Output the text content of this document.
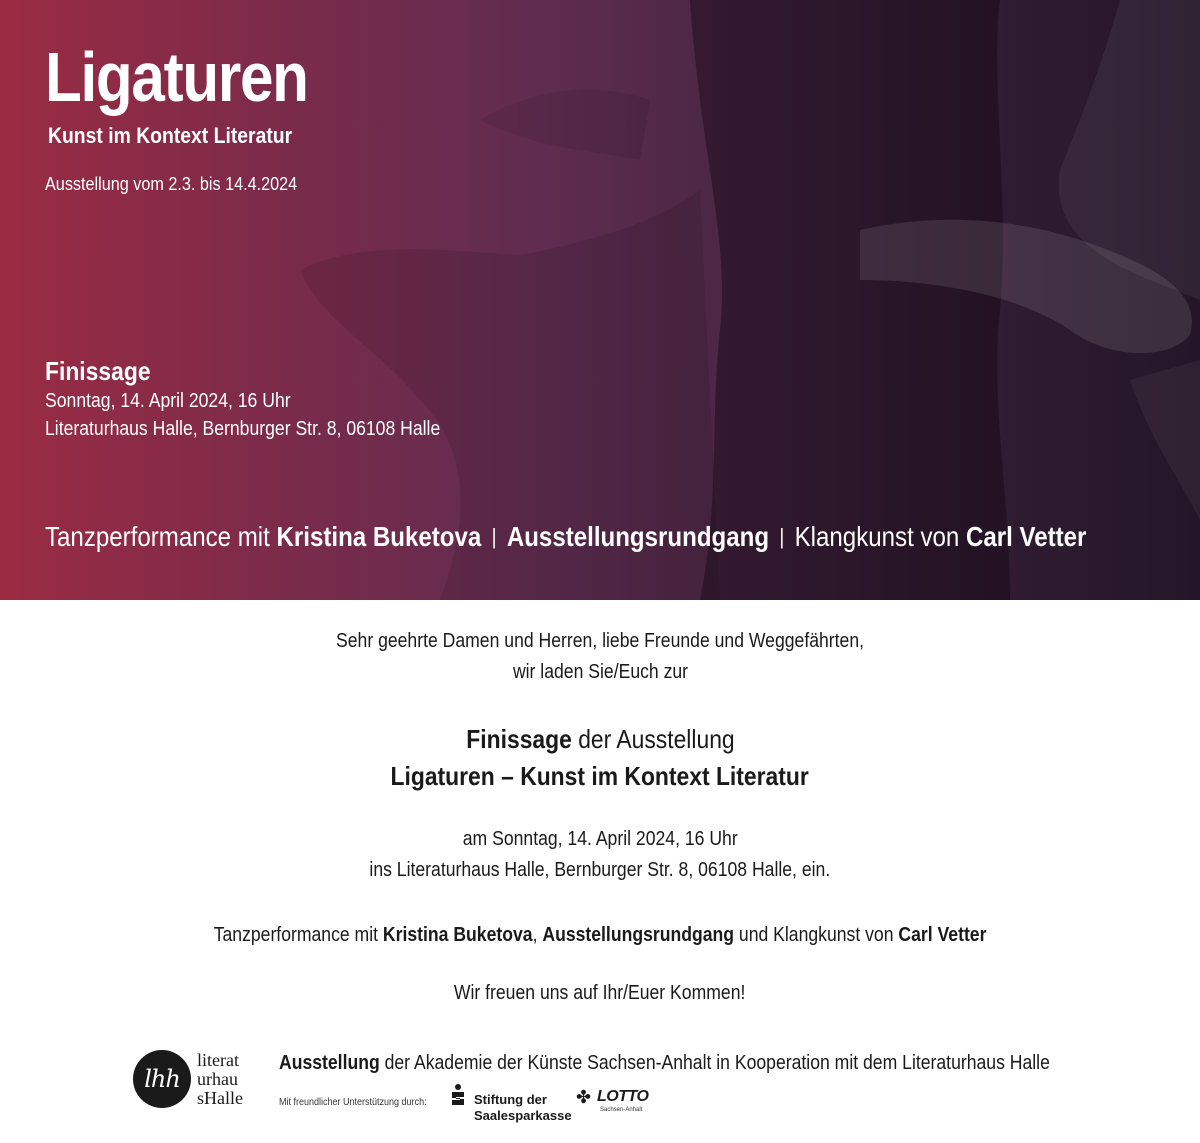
Ligaturen
Kunst im Kontext Literatur
Ausstellung vom 2.3. bis 14.4.2024
Finissage
Sonntag, 14. April 2024, 16 Uhr
Literaturhaus Halle, Bernburger Str. 8, 06108 Halle
Tanzperformance mit Kristina Buketova | Ausstellungsrundgang | Klangkunst von Carl Vetter
Sehr geehrte Damen und Herren, liebe Freunde und Weggefährten,
wir laden Sie/Euch zur
Finissage der Ausstellung
Ligaturen – Kunst im Kontext Literatur
am Sonntag, 14. April 2024, 16 Uhr
ins Literaturhaus Halle, Bernburger Str. 8, 06108 Halle, ein.
Tanzperformance mit Kristina Buketova, Ausstellungsrundgang und Klangkunst von Carl Vetter
Wir freuen uns auf Ihr/Euer Kommen!
lhh
literat
urhau
sHalle
Ausstellung der Akademie der Künste Sachsen-Anhalt in Kooperation mit dem Literaturhaus Halle
Mit freundlicher Unterstützung durch:	Stiftung der
Saalesparkasse
✤ LOTTO
Sachsen-Anhalt
